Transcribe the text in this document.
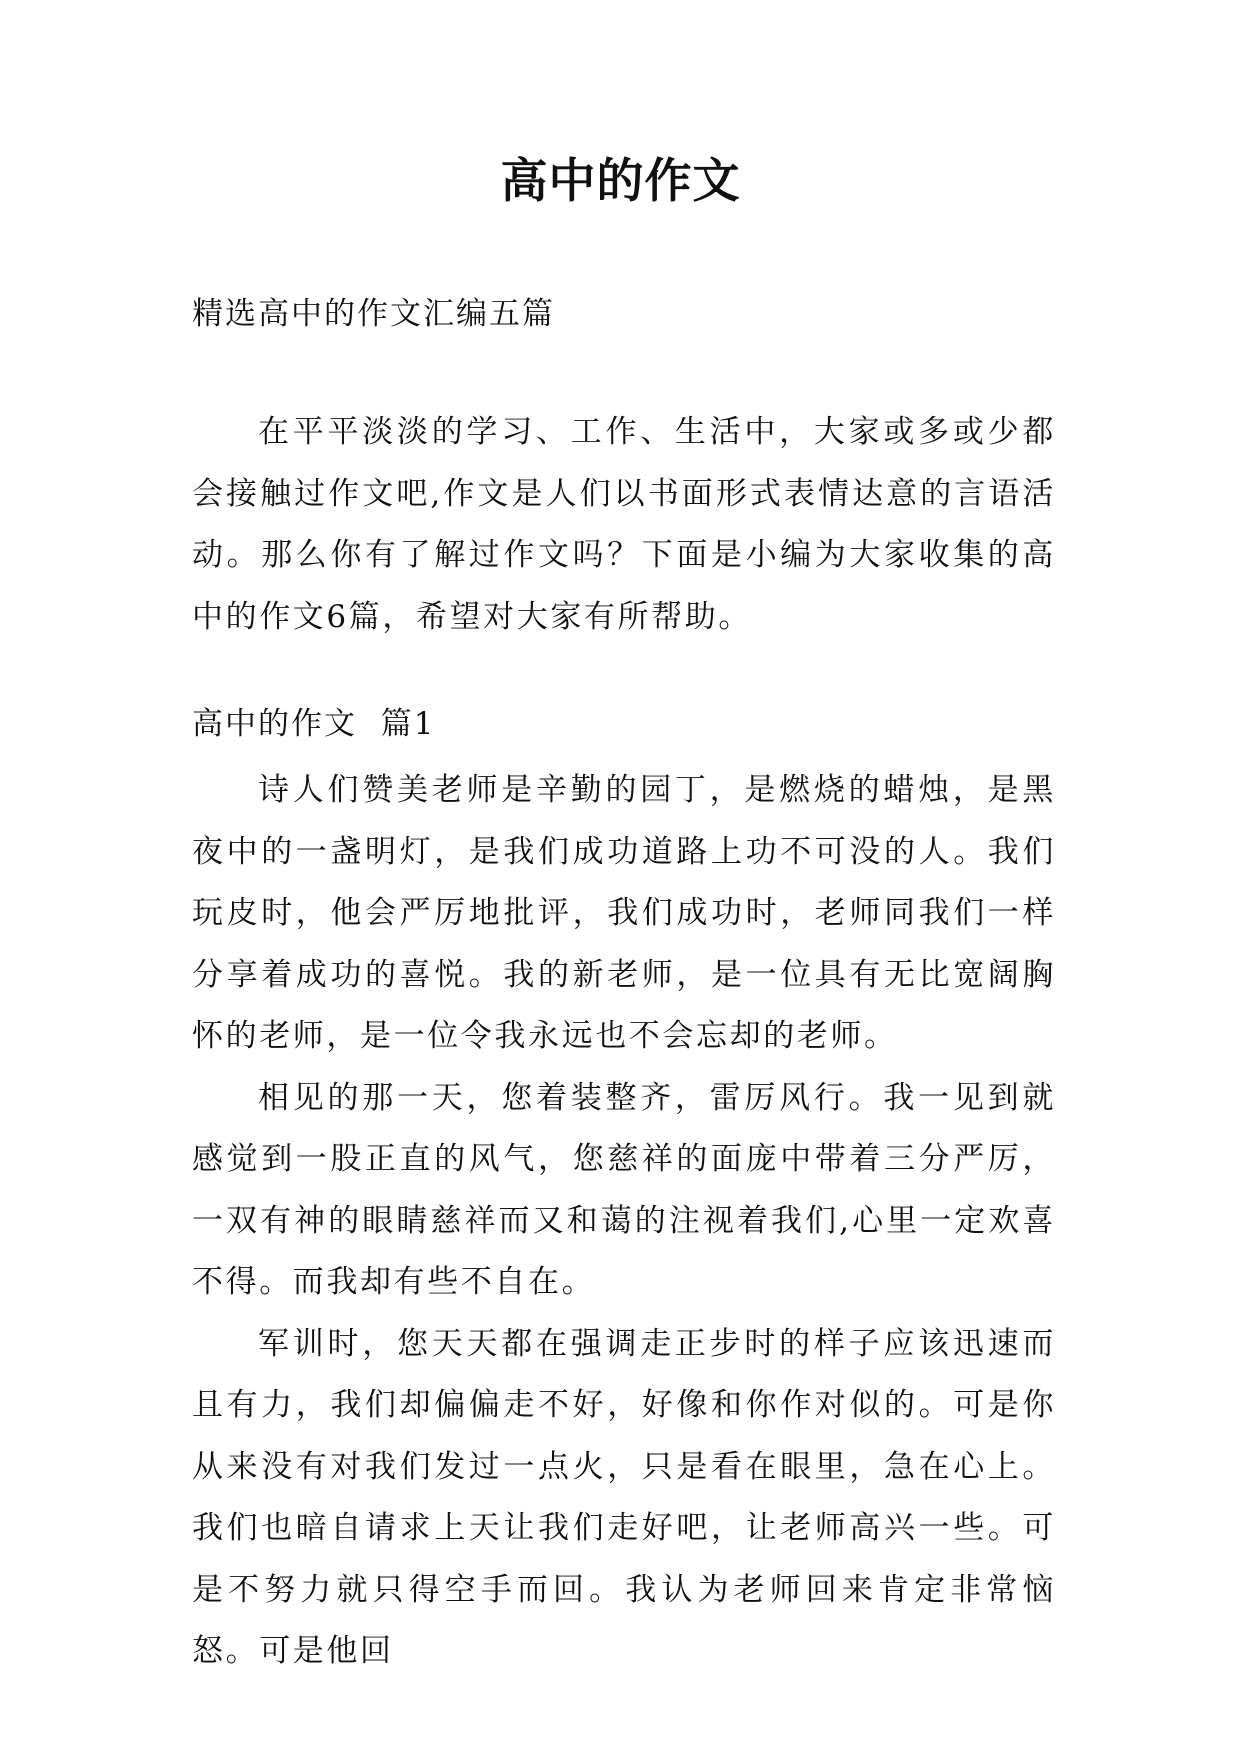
高中的作文

精选高中的作文汇编五篇

在平平淡淡的学习、工作、生活中，大家或多或少都会接触过作文吧,作文是人们以书面形式表情达意的言语活动。那么你有了解过作文吗？下面是小编为大家收集的高中的作文6篇，希望对大家有所帮助。

高中的作文  篇1

诗人们赞美老师是辛勤的园丁，是燃烧的蜡烛，是黑夜中的一盏明灯，是我们成功道路上功不可没的人。我们玩皮时，他会严厉地批评，我们成功时，老师同我们一样分享着成功的喜悦。我的新老师，是一位具有无比宽阔胸怀的老师，是一位令我永远也不会忘却的老师。

相见的那一天，您着装整齐，雷厉风行。我一见到就感觉到一股正直的风气，您慈祥的面庞中带着三分严厉，一双有神的眼睛慈祥而又和蔼的注视着我们,心里一定欢喜不得。而我却有些不自在。

军训时，您天天都在强调走正步时的样子应该迅速而且有力，我们却偏偏走不好，好像和你作对似的。可是你从来没有对我们发过一点火，只是看在眼里，急在心上。我们也暗自请求上天让我们走好吧，让老师高兴一些。可是不努力就只得空手而回。我认为老师回来肯定非常恼怒。可是他回
